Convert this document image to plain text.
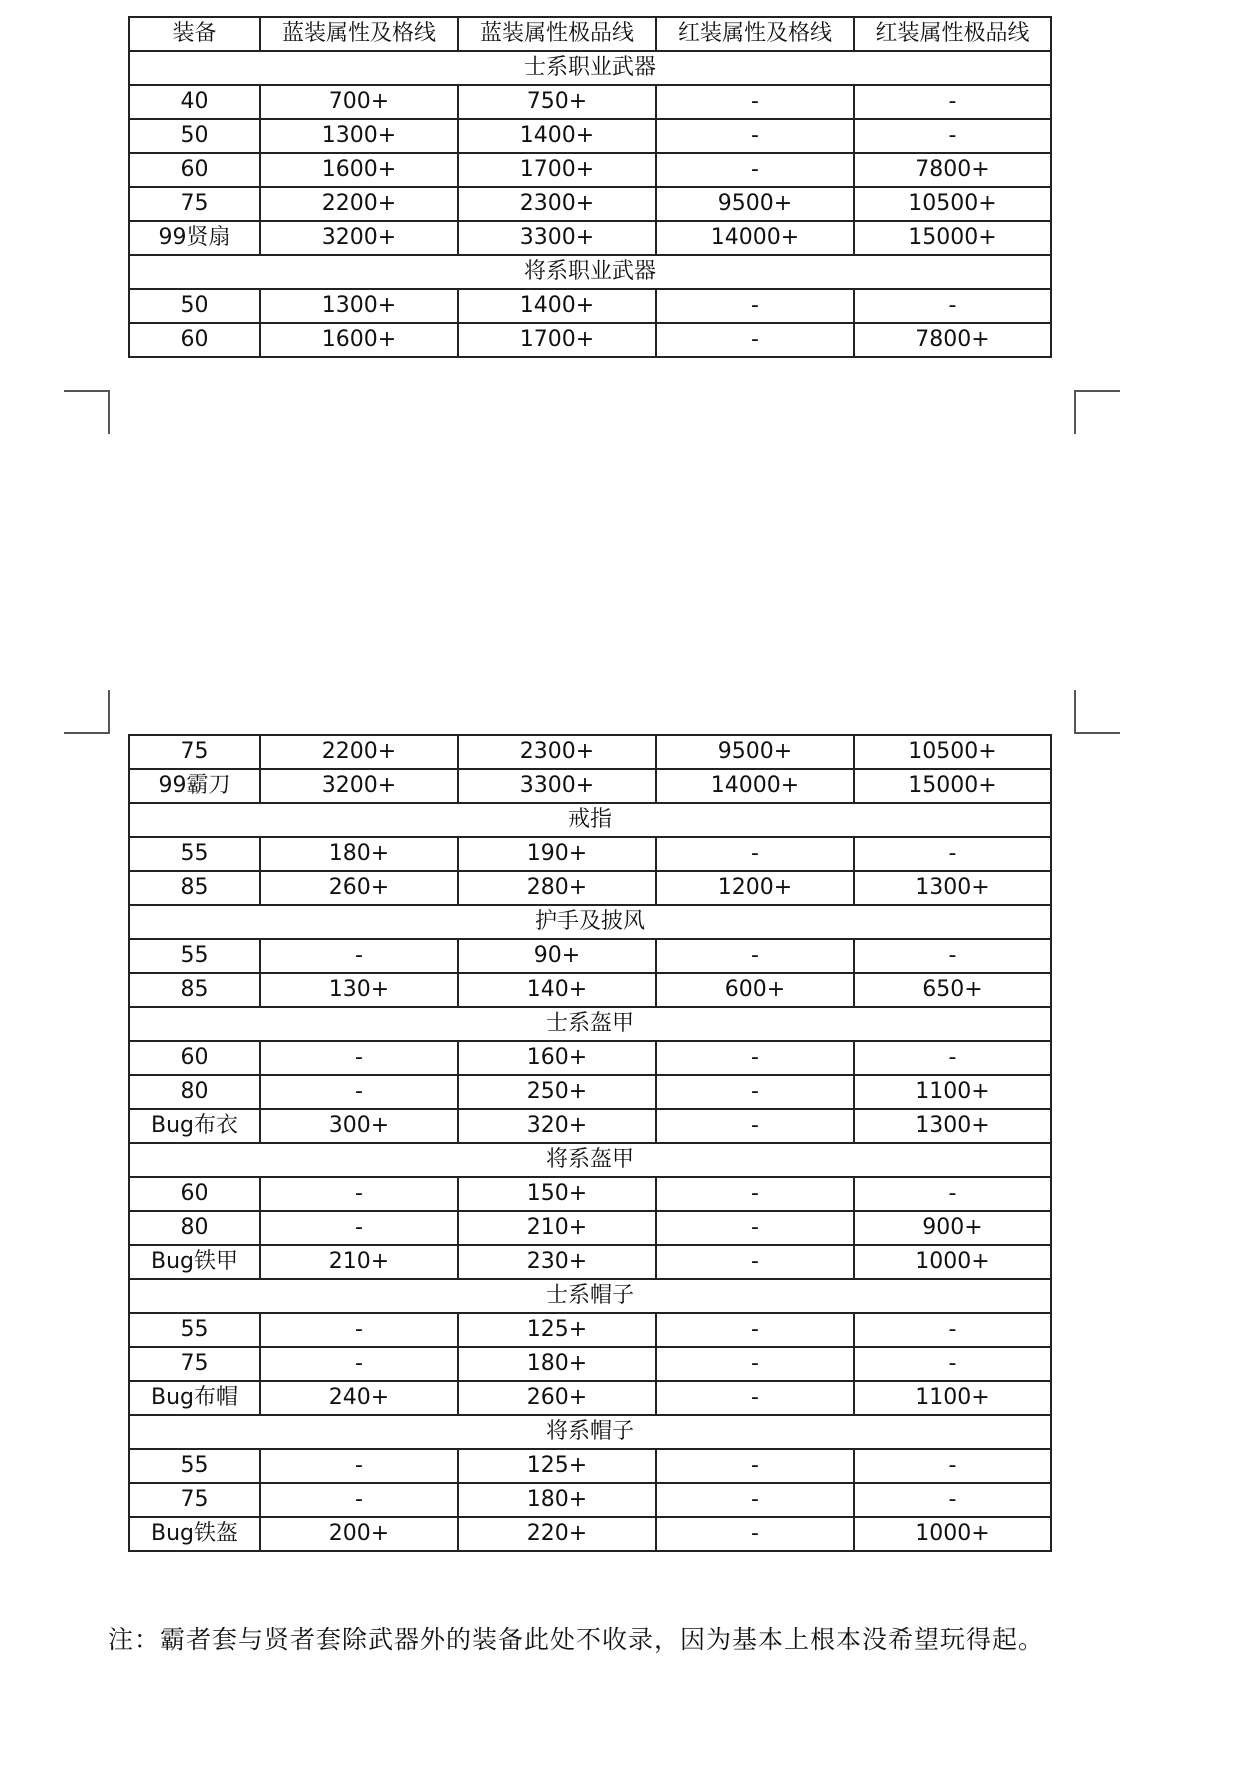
装备	蓝装属性及格线	蓝装属性极品线	红装属性及格线	红装属性极品线
士系职业武器				
40	700+	750+	-	-
50	1300+	1400+	-	-
60	1600+	1700+	-	7800+
75	2200+	2300+	9500+	10500+
99贤扇	3200+	3300+	14000+	15000+
将系职业武器				
50	1300+	1400+	-	-
60	1600+	1700+	-	7800+
75	2200+	2300+	9500+	10500+
99霸刀	3200+	3300+	14000+	15000+
戒指				
55	180+	190+	-	-
85	260+	280+	1200+	1300+
护手及披风				
55	-	90+	-	-
85	130+	140+	600+	650+
士系盔甲				
60	-	160+	-	-
80	-	250+	-	1100+
Bug布衣	300+	320+	-	1300+
将系盔甲				
60	-	150+	-	-
80	-	210+	-	900+
Bug铁甲	210+	230+	-	1000+
士系帽子				
55	-	125+	-	-
75	-	180+	-	-
Bug布帽	240+	260+	-	1100+
将系帽子				
55	-	125+	-	-
75	-	180+	-	-
Bug铁盔	200+	220+	-	1000+
注：霸者套与贤者套除武器外的装备此处不收录，因为基本上根本没希望玩得起。
